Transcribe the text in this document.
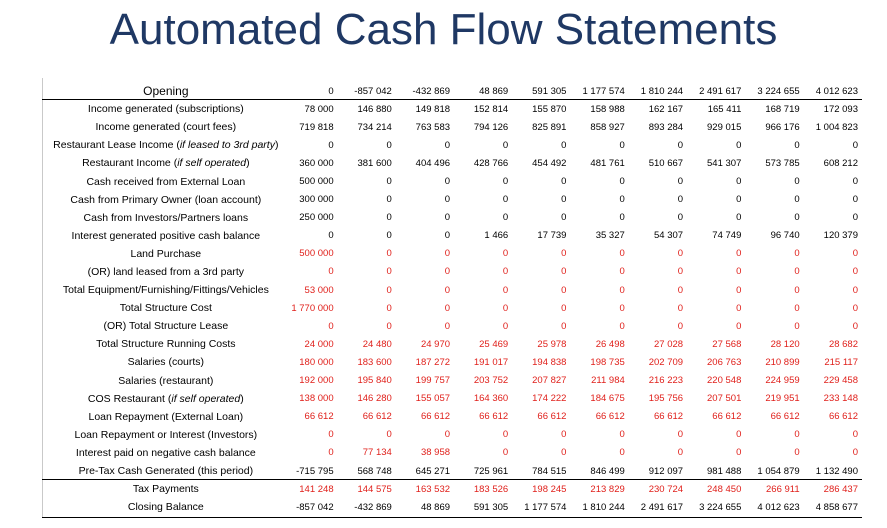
Automated Cash Flow Statements
Opening	0	-857 042	-432 869	48 869	591 305	1 177 574	1 810 244	2 491 617	3 224 655	4 012 623
Income generated (subscriptions)	78 000	146 880	149 818	152 814	155 870	158 988	162 167	165 411	168 719	172 093
Income generated (court fees)	719 818	734 214	763 583	794 126	825 891	858 927	893 284	929 015	966 176	1 004 823
Restaurant Lease Income (if leased to 3rd party)	0	0	0	0	0	0	0	0	0	0
Restaurant Income (if self operated)	360 000	381 600	404 496	428 766	454 492	481 761	510 667	541 307	573 785	608 212
Cash received from External Loan	500 000	0	0	0	0	0	0	0	0	0
Cash from Primary Owner (loan account)	300 000	0	0	0	0	0	0	0	0	0
Cash from Investors/Partners loans	250 000	0	0	0	0	0	0	0	0	0
Interest generated positive cash balance	0	0	0	1 466	17 739	35 327	54 307	74 749	96 740	120 379
Land Purchase	500 000	0	0	0	0	0	0	0	0	0
(OR) land leased from a 3rd party	0	0	0	0	0	0	0	0	0	0
Total Equipment/Furnishing/Fittings/Vehicles	53 000	0	0	0	0	0	0	0	0	0
Total Structure Cost	1 770 000	0	0	0	0	0	0	0	0	0
(OR) Total Structure Lease	0	0	0	0	0	0	0	0	0	0
Total Structure Running Costs	24 000	24 480	24 970	25 469	25 978	26 498	27 028	27 568	28 120	28 682
Salaries (courts)	180 000	183 600	187 272	191 017	194 838	198 735	202 709	206 763	210 899	215 117
Salaries (restaurant)	192 000	195 840	199 757	203 752	207 827	211 984	216 223	220 548	224 959	229 458
COS Restaurant (if self operated)	138 000	146 280	155 057	164 360	174 222	184 675	195 756	207 501	219 951	233 148
Loan Repayment (External Loan)	66 612	66 612	66 612	66 612	66 612	66 612	66 612	66 612	66 612	66 612
Loan Repayment or Interest (Investors)	0	0	0	0	0	0	0	0	0	0
Interest paid on negative cash balance	0	77 134	38 958	0	0	0	0	0	0	0
Pre-Tax Cash Generated (this period)	-715 795	568 748	645 271	725 961	784 515	846 499	912 097	981 488	1 054 879	1 132 490
Tax Payments	141 248	144 575	163 532	183 526	198 245	213 829	230 724	248 450	266 911	286 437
Closing Balance	-857 042	-432 869	48 869	591 305	1 177 574	1 810 244	2 491 617	3 224 655	4 012 623	4 858 677
